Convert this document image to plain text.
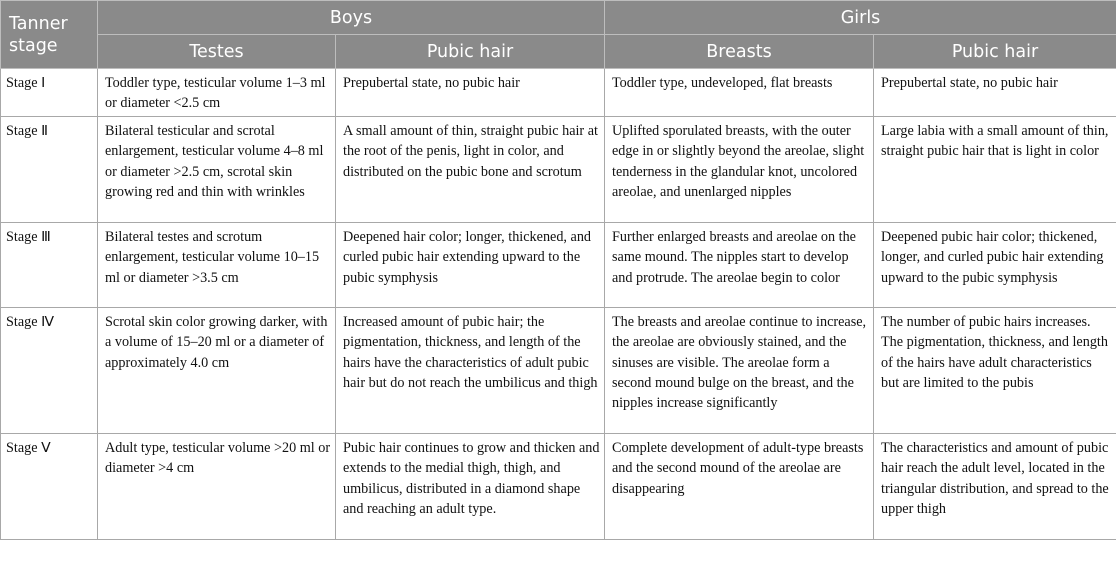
Tanner stage	Boys		Girls	
	Testes	Pubic hair	Breasts	Pubic hair
Stage Ⅰ	Toddler type, testicular volume 1–3 ml or diameter <2.5 cm	Prepubertal state, no pubic hair	Toddler type, undeveloped, flat breasts	Prepubertal state, no pubic hair
Stage Ⅱ	Bilateral testicular and scrotal enlargement, testicular volume 4–8 ml or diameter >2.5 cm, scrotal skin growing red and thin with wrinkles	A small amount of thin, straight pubic hair at the root of the penis, light in color, and distributed on the pubic bone and scrotum	Uplifted sporulated breasts, with the outer edge in or slightly beyond the areolae, slight tenderness in the glandular knot, uncolored areolae, and unenlarged nipples	Large labia with a small amount of thin, straight pubic hair that is light in color
Stage Ⅲ	Bilateral testes and scrotum enlargement, testicular volume 10–15 ml or diameter >3.5 cm	Deepened hair color; longer, thickened, and curled pubic hair extending upward to the pubic symphysis	Further enlarged breasts and areolae on the same mound. The nipples start to develop and protrude. The areolae begin to color	Deepened pubic hair color; thickened, longer, and curled pubic hair extending upward to the pubic symphysis
Stage Ⅳ	Scrotal skin color growing darker, with a volume of 15–20 ml or a diameter of approximately 4.0 cm	Increased amount of pubic hair; the pigmentation, thickness, and length of the hairs have the characteristics of adult pubic hair but do not reach the umbilicus and thigh	The breasts and areolae continue to increase, the areolae are obviously stained, and the sinuses are visible. The areolae form a second mound bulge on the breast, and the nipples increase significantly	The number of pubic hairs increases. The pigmentation, thickness, and length of the hairs have adult characteristics but are limited to the pubis
Stage Ⅴ	Adult type, testicular volume >20 ml or diameter >4 cm	Pubic hair continues to grow and thicken and extends to the medial thigh, thigh, and umbilicus, distributed in a diamond shape and reaching an adult type.	Complete development of adult-type breasts and the second mound of the areolae are disappearing	The characteristics and amount of pubic hair reach the adult level, located in the triangular distribution, and spread to the upper thigh
